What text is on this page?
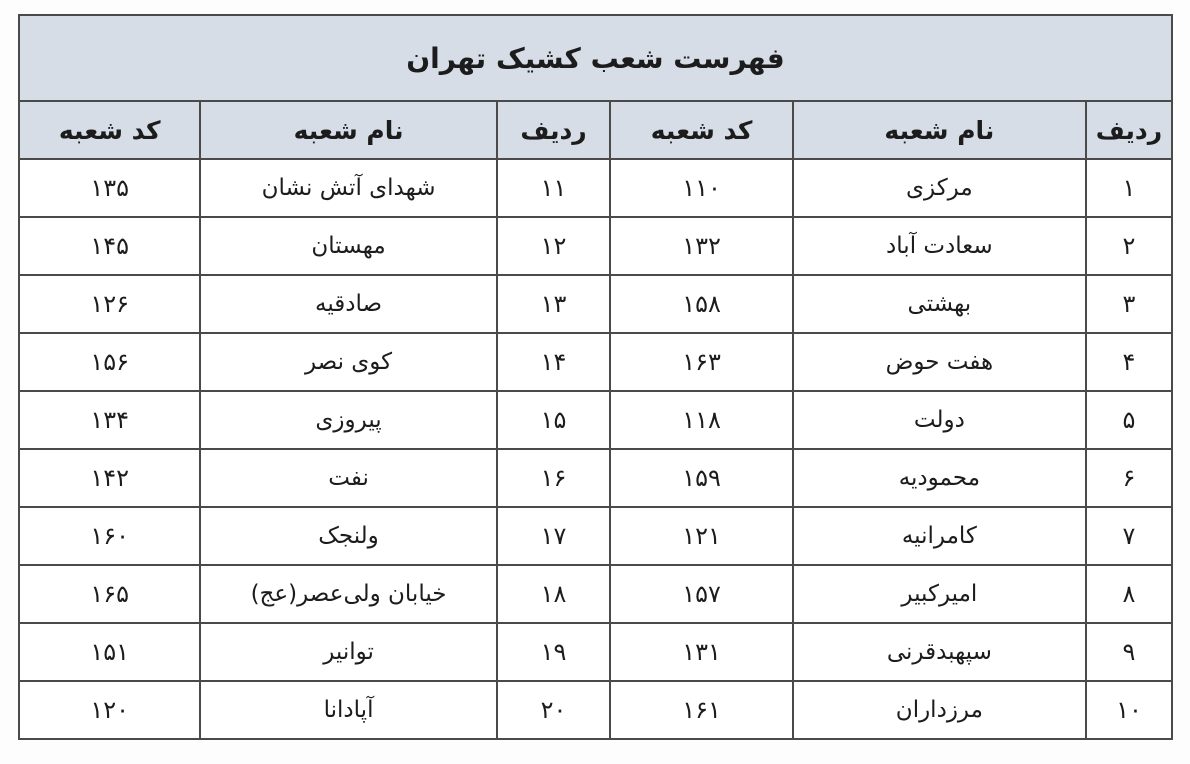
فهرست شعب کشیک تهران					
ردیف	نام شعبه	کد شعبه	ردیف	نام شعبه	کد شعبه
۱	مرکزی	۱۱۰	۱۱	شهدای آتش نشان	۱۳۵
۲	سعادت آباد	۱۳۲	۱۲	مهستان	۱۴۵
۳	بهشتی	۱۵۸	۱۳	صادقیه	۱۲۶
۴	هفت حوض	۱۶۳	۱۴	کوی نصر	۱۵۶
۵	دولت	۱۱۸	۱۵	پیروزی	۱۳۴
۶	محمودیه	۱۵۹	۱۶	نفت	۱۴۲
۷	کامرانیه	۱۲۱	۱۷	ولنجک	۱۶۰
۸	امیرکبیر	۱۵۷	۱۸	خیابان ولی‌عصر(عج)	۱۶۵
۹	سپهبدقرنی	۱۳۱	۱۹	توانیر	۱۵۱
۱۰	مرزداران	۱۶۱	۲۰	آپادانا	۱۲۰
